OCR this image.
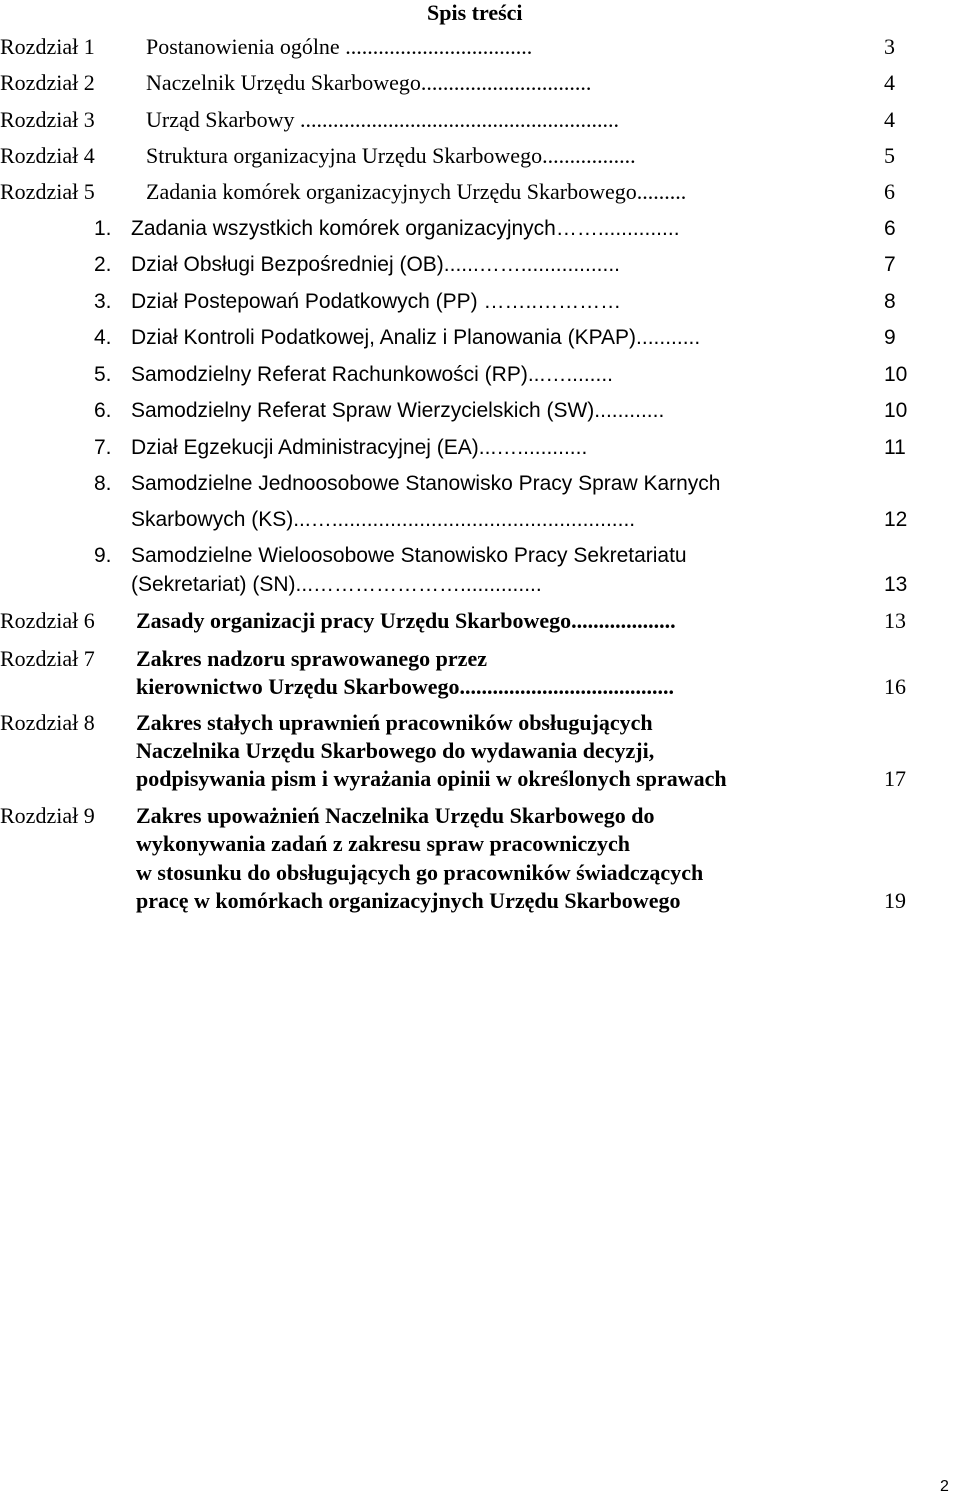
Spis treści
Rozdział 1 Postanowienia ogólne ..................................	3
Rozdział 2 Naczelnik Urzędu Skarbowego...............................	4
Rozdział 3 Urząd Skarbowy ..........................................................	4
Rozdział 4 Struktura organizacyjna Urzędu Skarbowego.................	5
Rozdział 5 Zadania komórek organizacyjnych Urzędu Skarbowego.........	6
1. Zadania wszystkich komórek organizacyjnych……..............	6
2. Dział Obsługi Bezpośredniej (OB)......…….................	7
3. Dział Postepowań Podatkowych (PP) ……..…………	8
4. Dział Kontroli Podatkowej, Analiz i Planowania (KPAP)...........	9
5. Samodzielny Referat Rachunkowości (RP)...…........	10
6. Samodzielny Referat Spraw Wierzycielskich (SW)............	10
7. Dział Egzekucji Administracyjnej (EA)...…............	11
8. Samodzielne Jednoosobowe Stanowisko Pracy Spraw Karnych
Skarbowych (KS)...…....................................................	12
9. Samodzielne Wieloosobowe Stanowisko Pracy Sekretariatu
(Sekretariat) (SN)...…………………..............	13
Rozdział 6 Zasady organizacji pracy Urzędu Skarbowego...................	13
Rozdział 7 Zakres nadzoru sprawowanego przez
kierownictwo Urzędu Skarbowego.......................................	16
Rozdział 8 Zakres stałych uprawnień pracowników obsługujących
Naczelnika Urzędu Skarbowego do wydawania decyzji,
podpisywania pism i wyrażania opinii w określonych sprawach	17
Rozdział 9 Zakres upoważnień Naczelnika Urzędu Skarbowego do
wykonywania zadań z zakresu spraw pracowniczych
w stosunku do obsługujących go pracowników świadczących
pracę w komórkach organizacyjnych Urzędu Skarbowego	19
2
